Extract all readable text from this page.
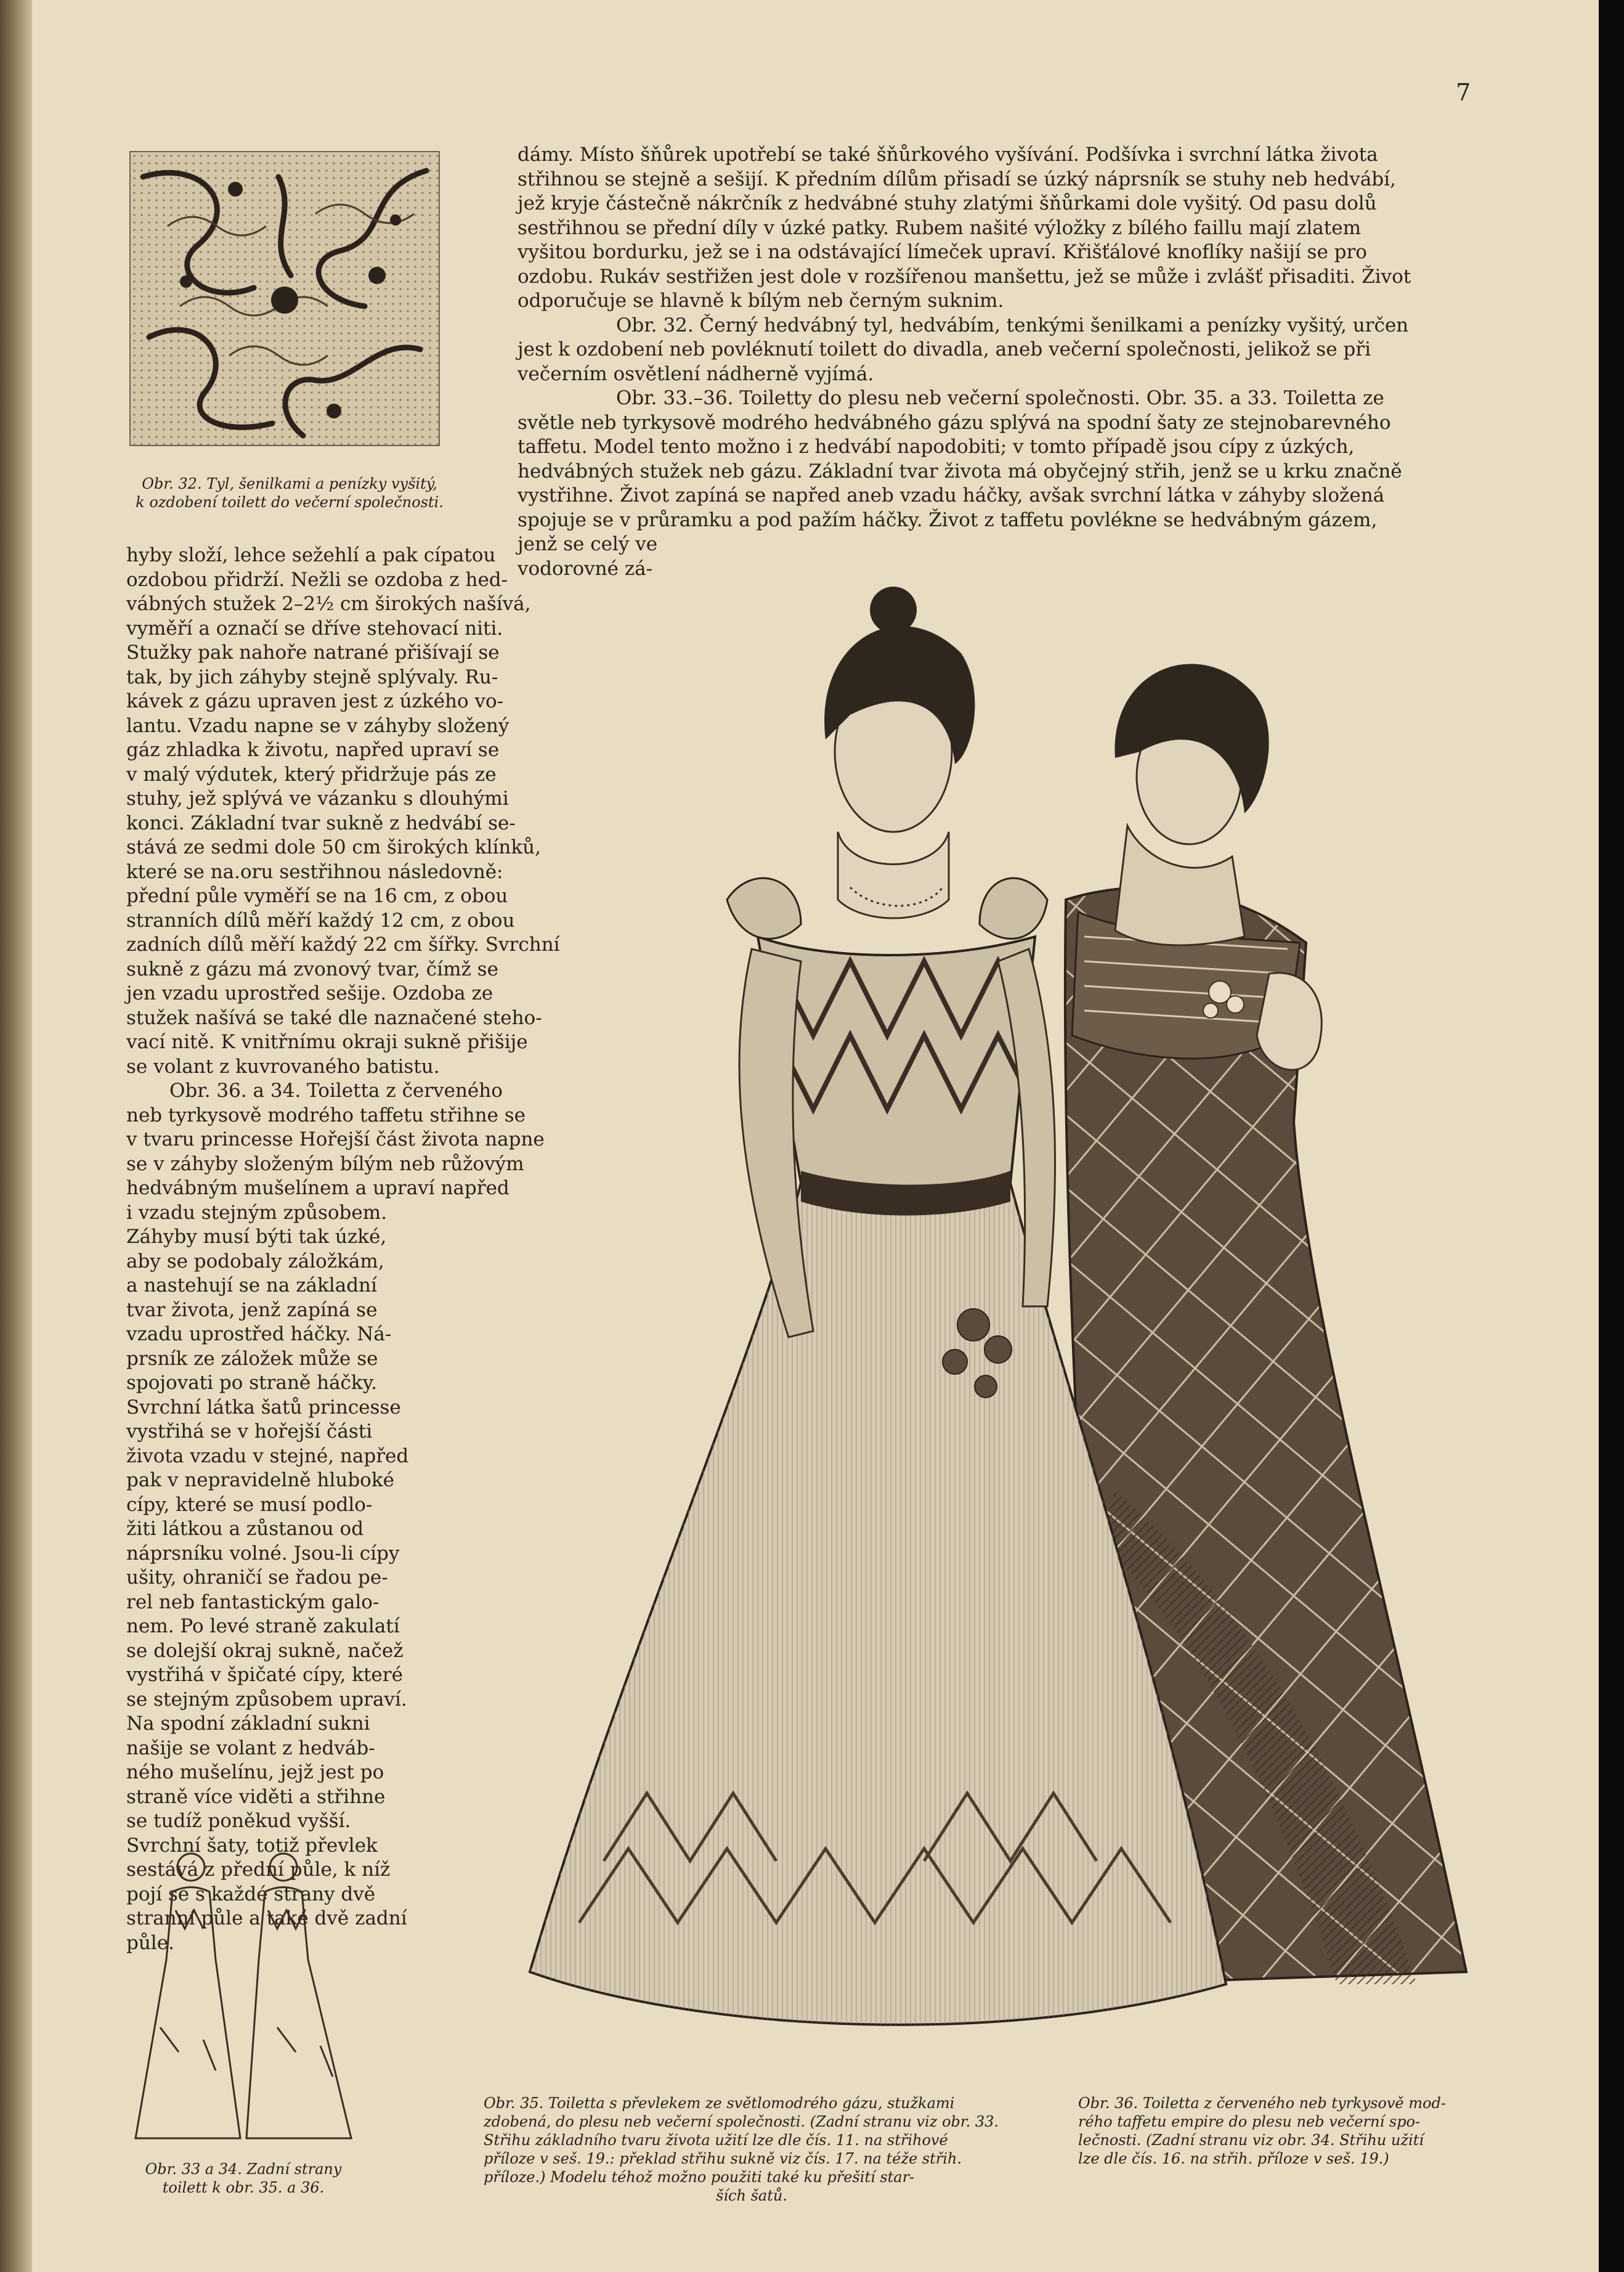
7
Obr. 32. Tyl, šenilkami a penízky vyšitý,
k ozdobení toilett do večerní společnosti.
dámy. Místo šňůrek upotřebí se také šňůrkového vyšívání. Podšívka i svrchní látka života
střihnou se stejně a sešijí. K předním dílům přisadí se úzký náprsník se stuhy neb hedvábí,
jež kryje částečně nákrčník z hedvábné stuhy zlatými šňůrkami dole vyšitý. Od pasu dolů
sestřihnou se přední díly v úzké patky. Rubem našité výložky z bílého faillu mají zlatem
vyšitou bordurku, jež se i na odstávající límeček upraví. Křišťálové knoflíky našijí se pro
ozdobu. Rukáv sestřižen jest dole v rozšířenou manšettu, jež se může i zvlášť přisaditi. Život
odporučuje se hlavně k bílým neb černým suknim.
Obr. 32. Černý hedvábný tyl, hedvábím, tenkými šenilkami a penízky vyšitý, určen
jest k ozdobení neb povléknutí toilett do divadla, aneb večerní společnosti, jelikož se při
večerním osvětlení nádherně vyjímá.
Obr. 33.–36. Toiletty do plesu neb večerní společnosti. Obr. 35. a 33. Toiletta ze
světle neb tyrkysově modrého hedvábného gázu splývá na spodní šaty ze stejnobarevného
taffetu. Model tento možno i z hedvábí napodobiti; v tomto případě jsou cípy z úzkých,
hedvábných stužek neb gázu. Základní tvar života má obyčejný střih, jenž se u krku značně
vystřihne. Život zapíná se napřed aneb vzadu háčky, avšak svrchní látka v záhyby složená
spojuje se v průramku a pod pažím háčky. Život z taffetu povlékne se hedvábným gázem,
jenž se celý ve
vodorovné zá-
hyby složí, lehce sežehlí a pak cípatou
ozdobou přidrží. Nežli se ozdoba z hed-
vábných stužek 2–2½ cm širokých našívá,
vyměří a označí se dříve stehovací niti.
Stužky pak nahoře natrané přišívají se
tak, by jich záhyby stejně splývaly. Ru-
kávek z gázu upraven jest z úzkého vo-
lantu. Vzadu napne se v záhyby složený
gáz zhladka k životu, napřed upraví se
v malý výdutek, který přidržuje pás ze
stuhy, jež splývá ve vázanku s dlouhými
konci. Základní tvar sukně z hedvábí se-
stává ze sedmi dole 50 cm širokých klínků,
které se na.oru sestřihnou následovně:
přední půle vyměří se na 16 cm, z obou
stranních dílů měří každý 12 cm, z obou
zadních dílů měří každý 22 cm šířky. Svrchní
sukně z gázu má zvonový tvar, čímž se
jen vzadu uprostřed sešije. Ozdoba ze
stužek našívá se také dle naznačené steho-
vací nitě. K vnitřnímu okraji sukně přišije
se volant z kuvrovaného batistu.
Obr. 36. a 34. Toiletta z červeného
neb tyrkysově modrého taffetu střihne se
v tvaru princesse Hořejší část života napne
se v záhyby složeným bílým neb růžovým
hedvábným mušelínem a upraví napřed
i vzadu stejným způsobem.
Záhyby musí býti tak úzké,
aby se podobaly záložkám,
a nastehují se na základní
tvar života, jenž zapíná se
vzadu uprostřed háčky. Ná-
prsník ze záložek může se
spojovati po straně háčky.
Svrchní látka šatů princesse
vystřihá se v hořejší části
života vzadu v stejné, napřed
pak v nepravidelně hluboké
cípy, které se musí podlo-
žiti látkou a zůstanou od
náprsníku volné. Jsou-li cípy
ušity, ohraničí se řadou pe-
rel neb fantastickým galo-
nem. Po levé straně zakulatí
se dolejší okraj sukně, načež
vystřihá v špičaté cípy, které
se stejným způsobem upraví.
Na spodní základní sukni
našije se volant z hedváb-
ného mušelínu, jejž jest po
straně více viděti a střihne
se tudíž poněkud vyšší.
Svrchní šaty, totiž převlek
sestává z přední půle, k níž
pojí se s každé strany dvě
stranní půle a také dvě zadní
půle.
Obr. 33 a 34. Zadní strany
toilett k obr. 35. a 36.
Obr. 35. Toiletta s převlekem ze světlomodrého gázu, stužkami
zdobená, do plesu neb večerní společnosti. (Zadní stranu viz obr. 33.
Střihu základního tvaru života užití lze dle čís. 11. na střihové
příloze v seš. 19.: překlad střihu sukně viz čís. 17. na téže střih.
příloze.) Modelu téhož možno použiti také ku přešití star-
ších šatů.
Obr. 36. Toiletta z červeného neb tyrkysově mod-
rého taffetu empire do plesu neb večerní spo-
lečnosti. (Zadní stranu viz obr. 34. Střihu užití
lze dle čís. 16. na střih. příloze v seš. 19.)
